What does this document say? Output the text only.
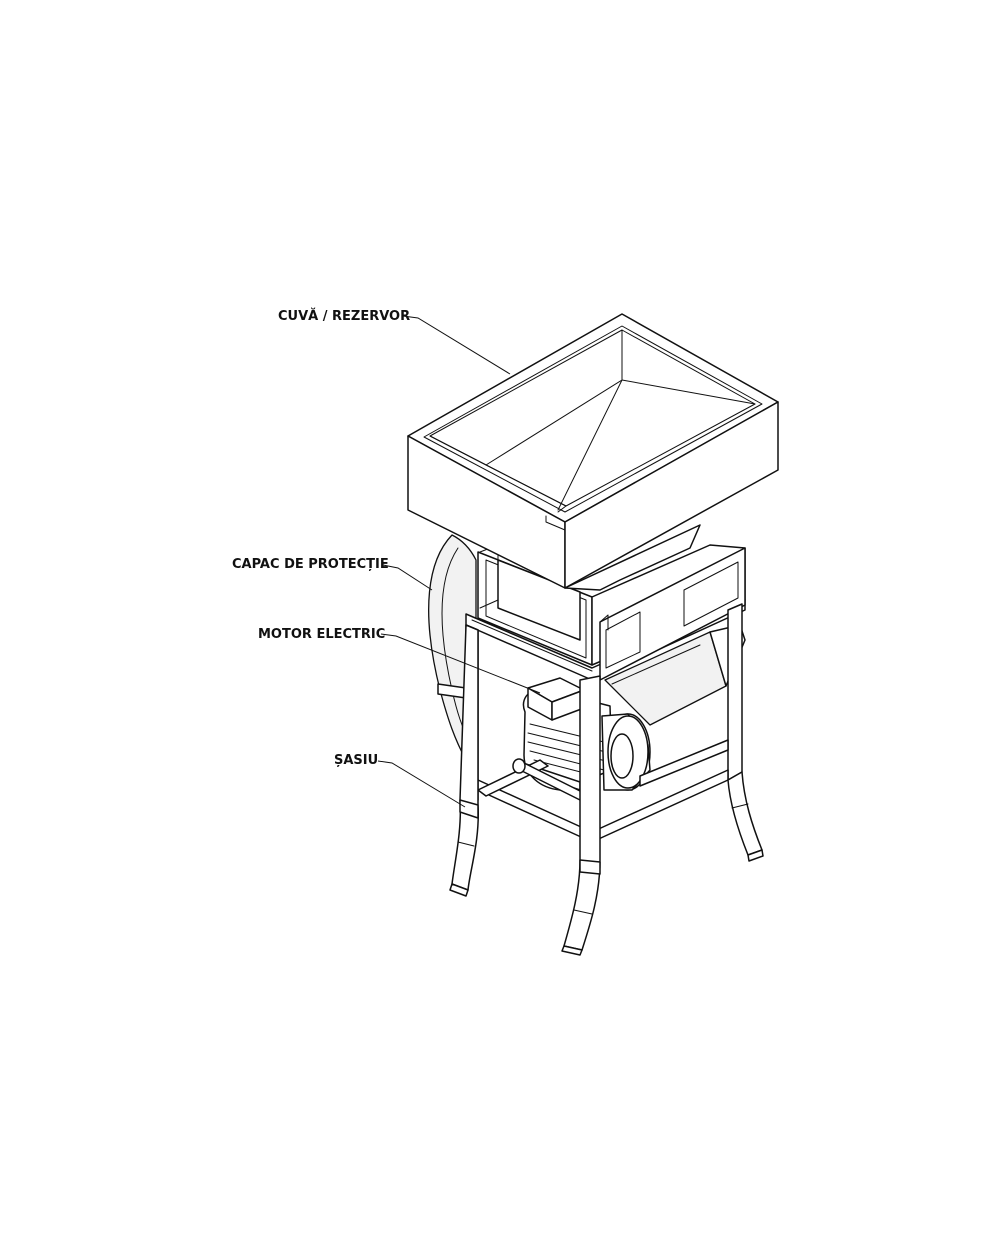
CUVĂ / REZERVOR
CAPAC DE PROTECȚIE
MOTOR ELECTRIC
ȘASIU
